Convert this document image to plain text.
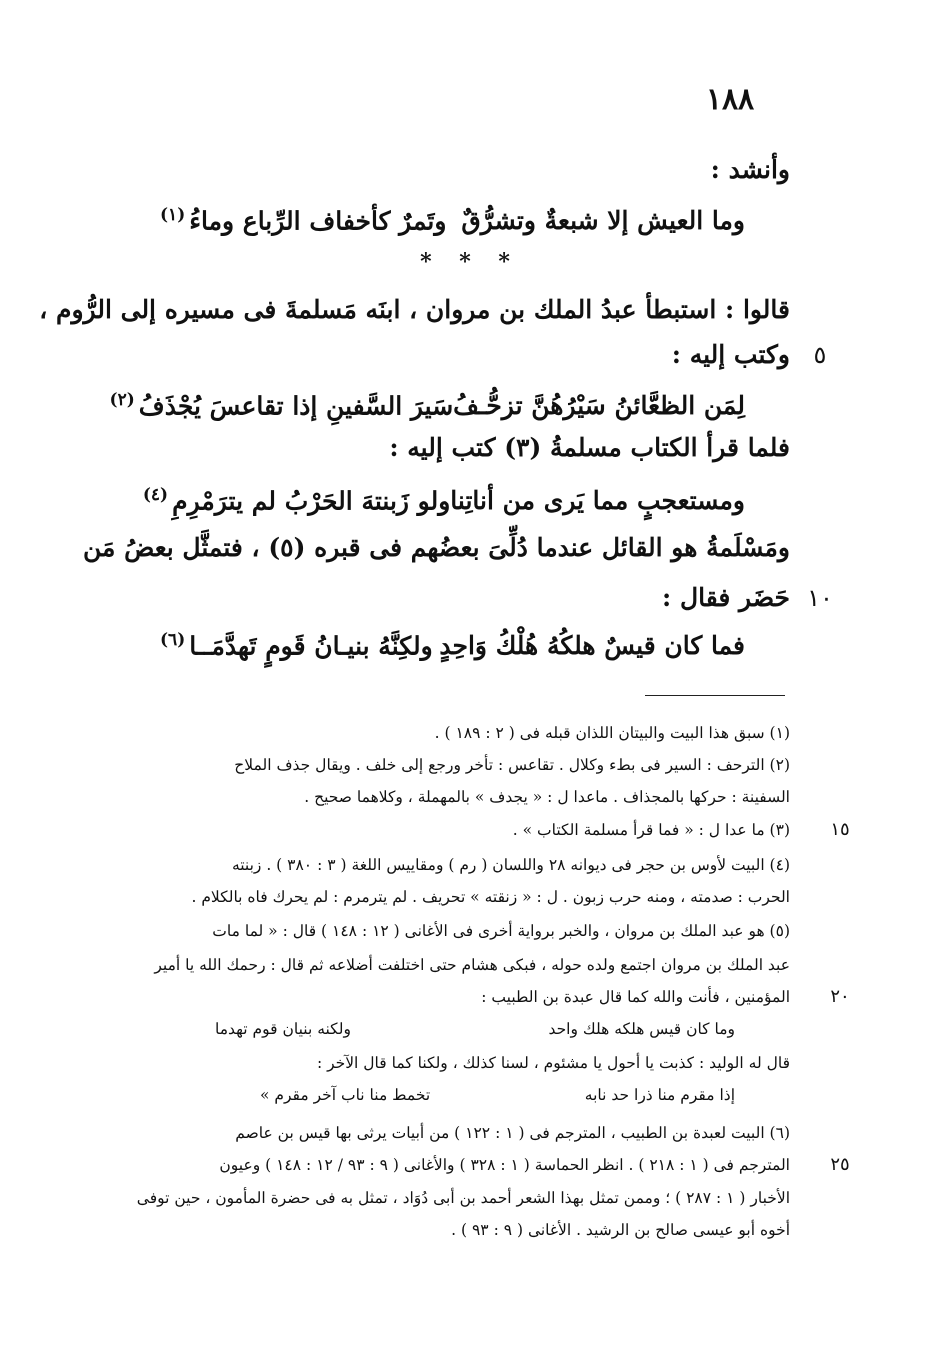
١٨٨
وأنشد :
وما العيش إلا شبعةٌ وتشرُّقٌ
وتَمرٌ كأخفاف الرِّباع وماءُ$^{(١)}$
* * *
قالوا : استبطأ عبدُ الملك بن مروان ، ابنَه مَسلمةَ فى مسيره إلى الرُّوم ،
وكتب إليه : ٥
لِمَن الظعَّائنُ سَيْرُهُنَّ تزحُّـفُ
سَيرَ السَّفينِ إذا تقاعسَ يُجْذَفُ$^{(٢)}$
فلما قرأ الكتاب مسلمةُ (٣) كتب إليه :
ومستعجبٍ مما يَرى من أناتِنا
ولو زَبنتهَ الحَرْبُ لم يترَمْرِمِ$^{(٤)}$
ومَسْلَمةُ هو القائل عندما دُلِّىَ بعضُهم فى قبره (٥) ، فتمثَّل بعضُ مَن
حَضَر فقال : ١٠
فما كان قيسٌ هلكُهُ هُلْكُ وَاحِدٍ
ولكِنَّهُ بنيـانُ قَومٍ تَهدَّمَــا$^{(٦)}$
(١) سبق هذا البيت والبيتان اللذان قبله فى ( ٢ : ١٨٩ ) .
(٢) الترحف : السير فى بطء وكلال . تقاعس : تأخر ورجع إلى خلف . ويقال جذف الملاح
السفينة : حركها بالمجذاف . ماعدا ل : « يجدف » بالمهملة ، وكلاهما صحيح .
(٣) ما عدا ل : « فما قرأ مسلمة الكتاب » .	١٥
(٤) البيت لأوس بن حجر فى ديوانه ٢٨ واللسان ( رم ) ومقاييس اللغة ( ٣ : ٣٨٠ ) . زبنته
الحرب : صدمته ، ومنه حرب زبون . ل : « زنقته » تحريف . لم يترمرم : لم يحرك فاه بالكلام .
(٥) هو عبد الملك بن مروان ، والخبر برواية أخرى فى الأغانى ( ١٢ : ١٤٨ ) قال : « لما مات
عبد الملك بن مروان اجتمع ولده حوله ، فبكى هشام حتى اختلفت أضلاعه ثم قال : رحمك الله يا أمير
المؤمنين ، فأنت والله كما قال عبدة بن الطبيب :	٢٠
وما كان قيس هلكه هلك واحد
ولكنه بنيان قوم تهدما
قال له الوليد : كذبت يا أحول يا مشئوم ، لسنا كذلك ، ولكنا كما قال الآخر :
إذا مقرم منا ذرا حد نابه
تخمط منا ناب آخر مقرم »
(٦) البيت لعبدة بن الطبيب ، المترجم فى ( ١ : ١٢٢ ) من أبيات يرثى بها قيس بن عاصم
المترجم فى ( ١ : ٢١٨ ) . انظر الحماسة ( ١ : ٣٢٨ ) والأغانى ( ٩ : ٩٣ / ١٢ : ١٤٨ ) وعيون	٢٥
الأخبار ( ١ : ٢٨٧ ) ؛ وممن تمثل بهذا الشعر أحمد بن أبى دُوَاد ، تمثل به فى حضرة المأمون ، حين توفى
أخوه أبو عيسى صالح بن الرشيد . الأغانى ( ٩ : ٩٣ ) .
